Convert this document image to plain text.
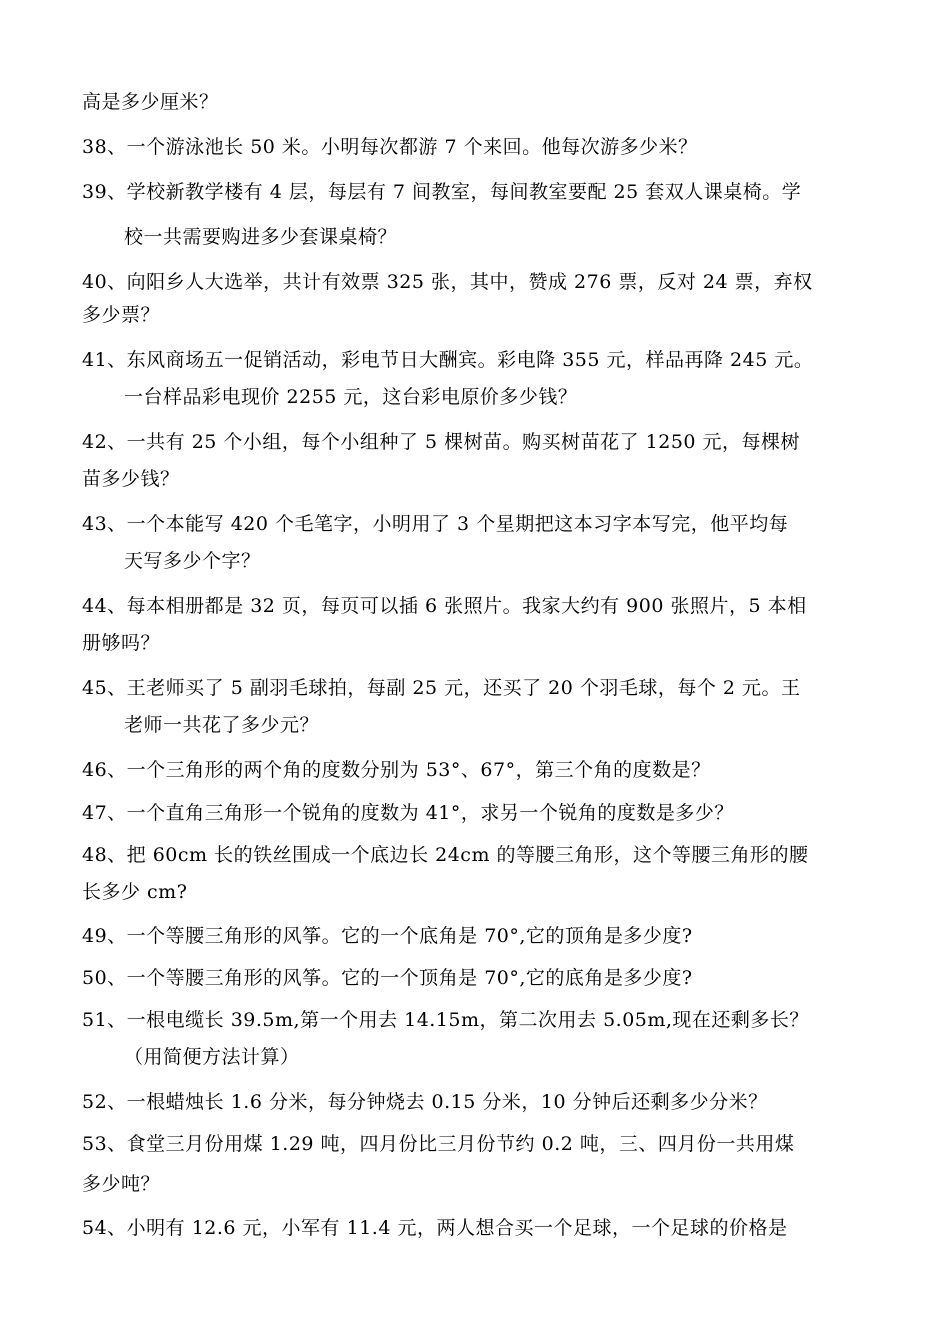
高是多少厘米？
38、一个游泳池长 50 米。小明每次都游 7 个来回。他每次游多少米？
39、学校新教学楼有 4 层，每层有 7 间教室，每间教室要配 25 套双人课桌椅。学
校一共需要购进多少套课桌椅？
40、向阳乡人大选举，共计有效票 325 张，其中，赞成 276 票，反对 24 票，弃权
多少票？
41、东风商场五一促销活动，彩电节日大酬宾。彩电降 355 元，样品再降 245 元。
一台样品彩电现价 2255 元，这台彩电原价多少钱？
42、一共有 25 个小组，每个小组种了 5 棵树苗。购买树苗花了 1250 元，每棵树
苗多少钱？
43、一个本能写 420 个毛笔字，小明用了 3 个星期把这本习字本写完，他平均每
天写多少个字？
44、每本相册都是 32 页，每页可以插 6 张照片。我家大约有 900 张照片，5 本相
册够吗？
45、王老师买了 5 副羽毛球拍，每副 25 元，还买了 20 个羽毛球，每个 2 元。王
老师一共花了多少元？
46、一个三角形的两个角的度数分别为 53°、67°，第三个角的度数是？
47、一个直角三角形一个锐角的度数为 41°，求另一个锐角的度数是多少？
48、把 60cm 长的铁丝围成一个底边长 24cm 的等腰三角形，这个等腰三角形的腰
长多少 cm?
49、一个等腰三角形的风筝。它的一个底角是 70°,它的顶角是多少度?
50、一个等腰三角形的风筝。它的一个顶角是 70°,它的底角是多少度?
51、一根电缆长 39.5m,第一个用去 14.15m，第二次用去 5.05m,现在还剩多长？
（用简便方法计算）
52、一根蜡烛长 1.6 分米，每分钟烧去 0.15 分米，10 分钟后还剩多少分米？
53、食堂三月份用煤 1.29 吨，四月份比三月份节约 0.2 吨，三、四月份一共用煤
多少吨？
54、小明有 12.6 元，小军有 11.4 元，两人想合买一个足球，一个足球的价格是
